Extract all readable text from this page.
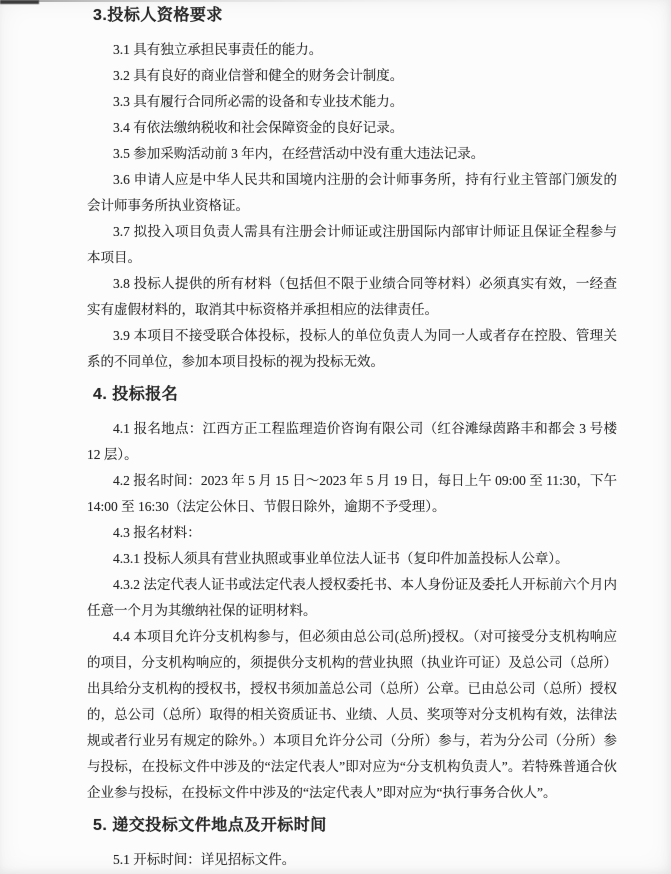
3.投标人资格要求

3.1 具有独立承担民事责任的能力。

3.2 具有良好的商业信誉和健全的财务会计制度。

3.3 具有履行合同所必需的设备和专业技术能力。

3.4 有依法缴纳税收和社会保障资金的良好记录。

3.5 参加采购活动前 3 年内，在经营活动中没有重大违法记录。

3.6 申请人应是中华人民共和国境内注册的会计师事务所，持有行业主管部门颁发的会计师事务所执业资格证。

3.7 拟投入项目负责人需具有注册会计师证或注册国际内部审计师证且保证全程参与本项目。

3.8 投标人提供的所有材料（包括但不限于业绩合同等材料）必须真实有效，一经查实有虚假材料的，取消其中标资格并承担相应的法律责任。

3.9 本项目不接受联合体投标，投标人的单位负责人为同一人或者存在控股、管理关系的不同单位，参加本项目投标的视为投标无效。

4. 投标报名

4.1 报名地点：江西方正工程监理造价咨询有限公司（红谷滩绿茵路丰和都会 3 号楼 12 层）。

4.2 报名时间：2023 年 5 月 15 日～2023 年 5 月 19 日，每日上午 09:00 至 11:30，下午 14:00 至 16:30（法定公休日、节假日除外，逾期不予受理）。

4.3 报名材料：

4.3.1 投标人须具有营业执照或事业单位法人证书（复印件加盖投标人公章）。

4.3.2 法定代表人证书或法定代表人授权委托书、本人身份证及委托人开标前六个月内任意一个月为其缴纳社保的证明材料。

4.4 本项目允许分支机构参与，但必须由总公司(总所)授权。（对可接受分支机构响应的项目，分支机构响应的，须提供分支机构的营业执照（执业许可证）及总公司（总所）出具给分支机构的授权书，授权书须加盖总公司（总所）公章。已由总公司（总所）授权的，总公司（总所）取得的相关资质证书、业绩、人员、奖项等对分支机构有效，法律法规或者行业另有规定的除外。）本项目允许分公司（分所）参与，若为分公司（分所）参与投标，在投标文件中涉及的“法定代表人”即对应为“分支机构负责人”。若特殊普通合伙企业参与投标，在投标文件中涉及的“法定代表人”即对应为“执行事务合伙人”。

5. 递交投标文件地点及开标时间

5.1 开标时间：详见招标文件。
